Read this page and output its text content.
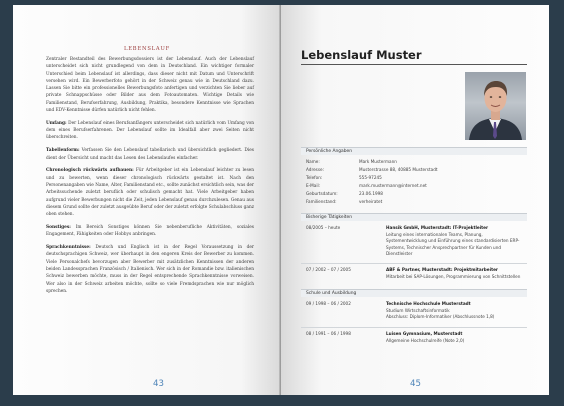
LEBENSLAUF

Zentraler Bestandteil des Bewerbungsdossiers ist der Lebenslauf. Auch der Lebenslauf unterscheidet sich nicht grundlegend von dem in Deutschland. Ein wichtiger formaler Unterschied beim Lebenslauf ist allerdings, dass dieser nicht mit Datum und Unterschrift versehen wird. Ein Bewerberfoto gehört in der Schweiz genau wie in Deutschland dazu. Lassen Sie bitte ein professionelles Bewerbungsfoto anfertigen und verzichten Sie lieber auf private Schnappschüsse oder Bilder aus dem Fotoautomaten. Wichtige Details wie Familienstand, Berufserfahrung, Ausbildung, Praktika, besondere Kenntnisse wie Sprachen und EDV-Kenntnisse dürfen natürlich nicht fehlen.

Umfang: Der Lebenslauf eines Berufsanfängers unterscheidet sich natürlich vom Umfang von dem eines Berufserfahrenen. Der Lebenslauf sollte im Idealfall aber zwei Seiten nicht überschreiten.

Tabellenform: Verfassen Sie den Lebenslauf tabellarisch und übersichtlich gegliedert. Dies dient der Übersicht und macht das Lesen des Lebenslaufes einfacher.

Chronologisch rückwärts aufbauen: Für Arbeitgeber ist ein Lebenslauf leichter zu lesen und zu bewerten, wenn dieser chronologisch rückwärts gestaltet ist. Nach den Personenangaben wie Name, Alter, Familienstand etc., sollte zunächst ersichtlich sein, was der Arbeitssuchende zuletzt beruflich oder schulisch gemacht hat. Viele Arbeitgeber haben aufgrund vieler Bewerbungen nicht die Zeit, jeden Lebenslauf genau durchzulesen. Genau aus diesem Grund sollte der zuletzt ausgeübte Beruf oder der zuletzt erfolgte Schulabschluss ganz oben stehen.

Sonstiges: Im Bereich Sonstiges können Sie nebenberufliche Aktivitäten, soziales Engagement, Fähigkeiten oder Hobbys anbringen.

Sprachkenntnisse: Deutsch und Englisch ist in der Regel Voraussetzung in der deutschsprachigen Schweiz, wer überhaupt in den engeren Kreis der Bewerber zu kommen. Viele Personalchefs bevorzugen aber Bewerber mit zusätzlichen Kenntnissen der anderen beiden Landessprachen Französisch / Italienisch. Wer sich in der Romandie bzw. italienischen Schweiz bewerben möchte, muss in der Regel entsprechende Sprachkenntnisse vorweisen. Wer also in der Schweiz arbeiten möchte, sollte so viele Fremdsprachen wie nur möglich sprechen.

43
Lebenslauf Muster
Persönliche Angaben
Name:	Mark Mustermann
Adresse:	Musterstrasse 88, 40885 Musterstadt
Telefon:	555-97245
E-Mail:	mark.mustermann@internet.net
Geburtsdatum:	23.06.1998
Familienstand:	verheiratet
Bisherige Tätigkeiten
08/2005 – heute	Hansik GmbH, Musterstadt: IT-Projektleiter
Leitung eines internationalen Teams, Planung, Systementwicklung und Einführung eines standardisierten ERP-Systems, Technischer Ansprechpartner für Kunden und Dienstleister
07 / 2002 – 07 / 2005	ABF & Partner, Musterstadt: Projektmitarbeiter
Mitarbeit bei SAP-Lösungen, Programmierung von Schnittstellen
Schule und Ausbildung
09 / 1998 – 06 / 2002	Technische Hochschule Musterstadt
Studium Wirtschaftsinformatik
Abschluss: Diplom-Informatiker (Abschlussnote 1,8)
08 / 1991 – 06 / 1998	Luisen Gymnasium, Musterstadt
Allgemeine Hochschulreife (Note 2,0)
45
